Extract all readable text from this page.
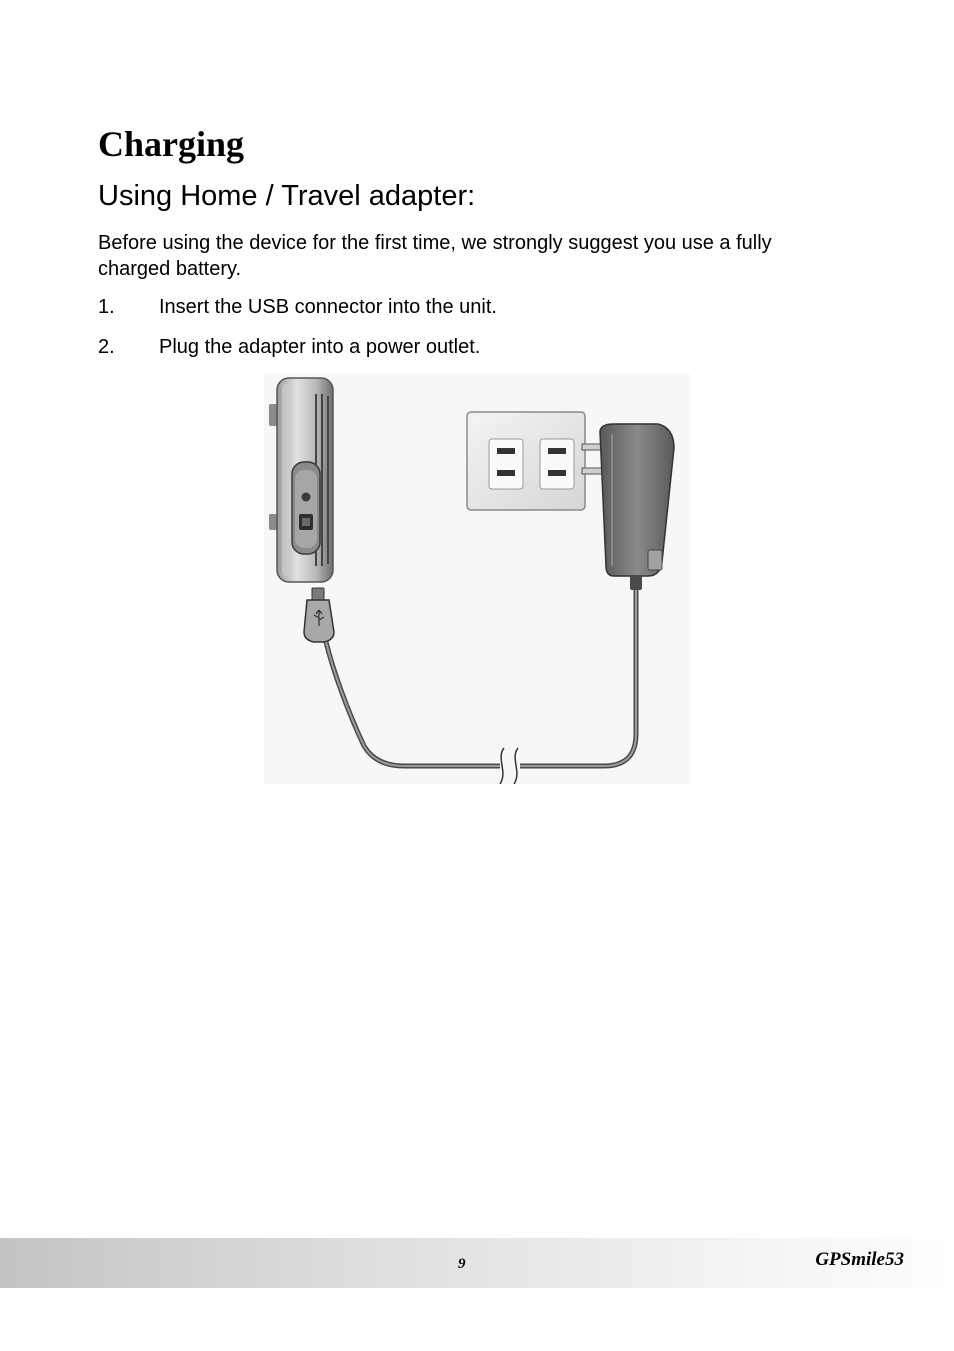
Charging
Using Home / Travel adapter:

Before using the device for the first time, we strongly suggest you use a fully charged battery.

1.	Insert the USB connector into the unit.
2.	Plug the adapter into a power outlet.
9	GPSmile53
